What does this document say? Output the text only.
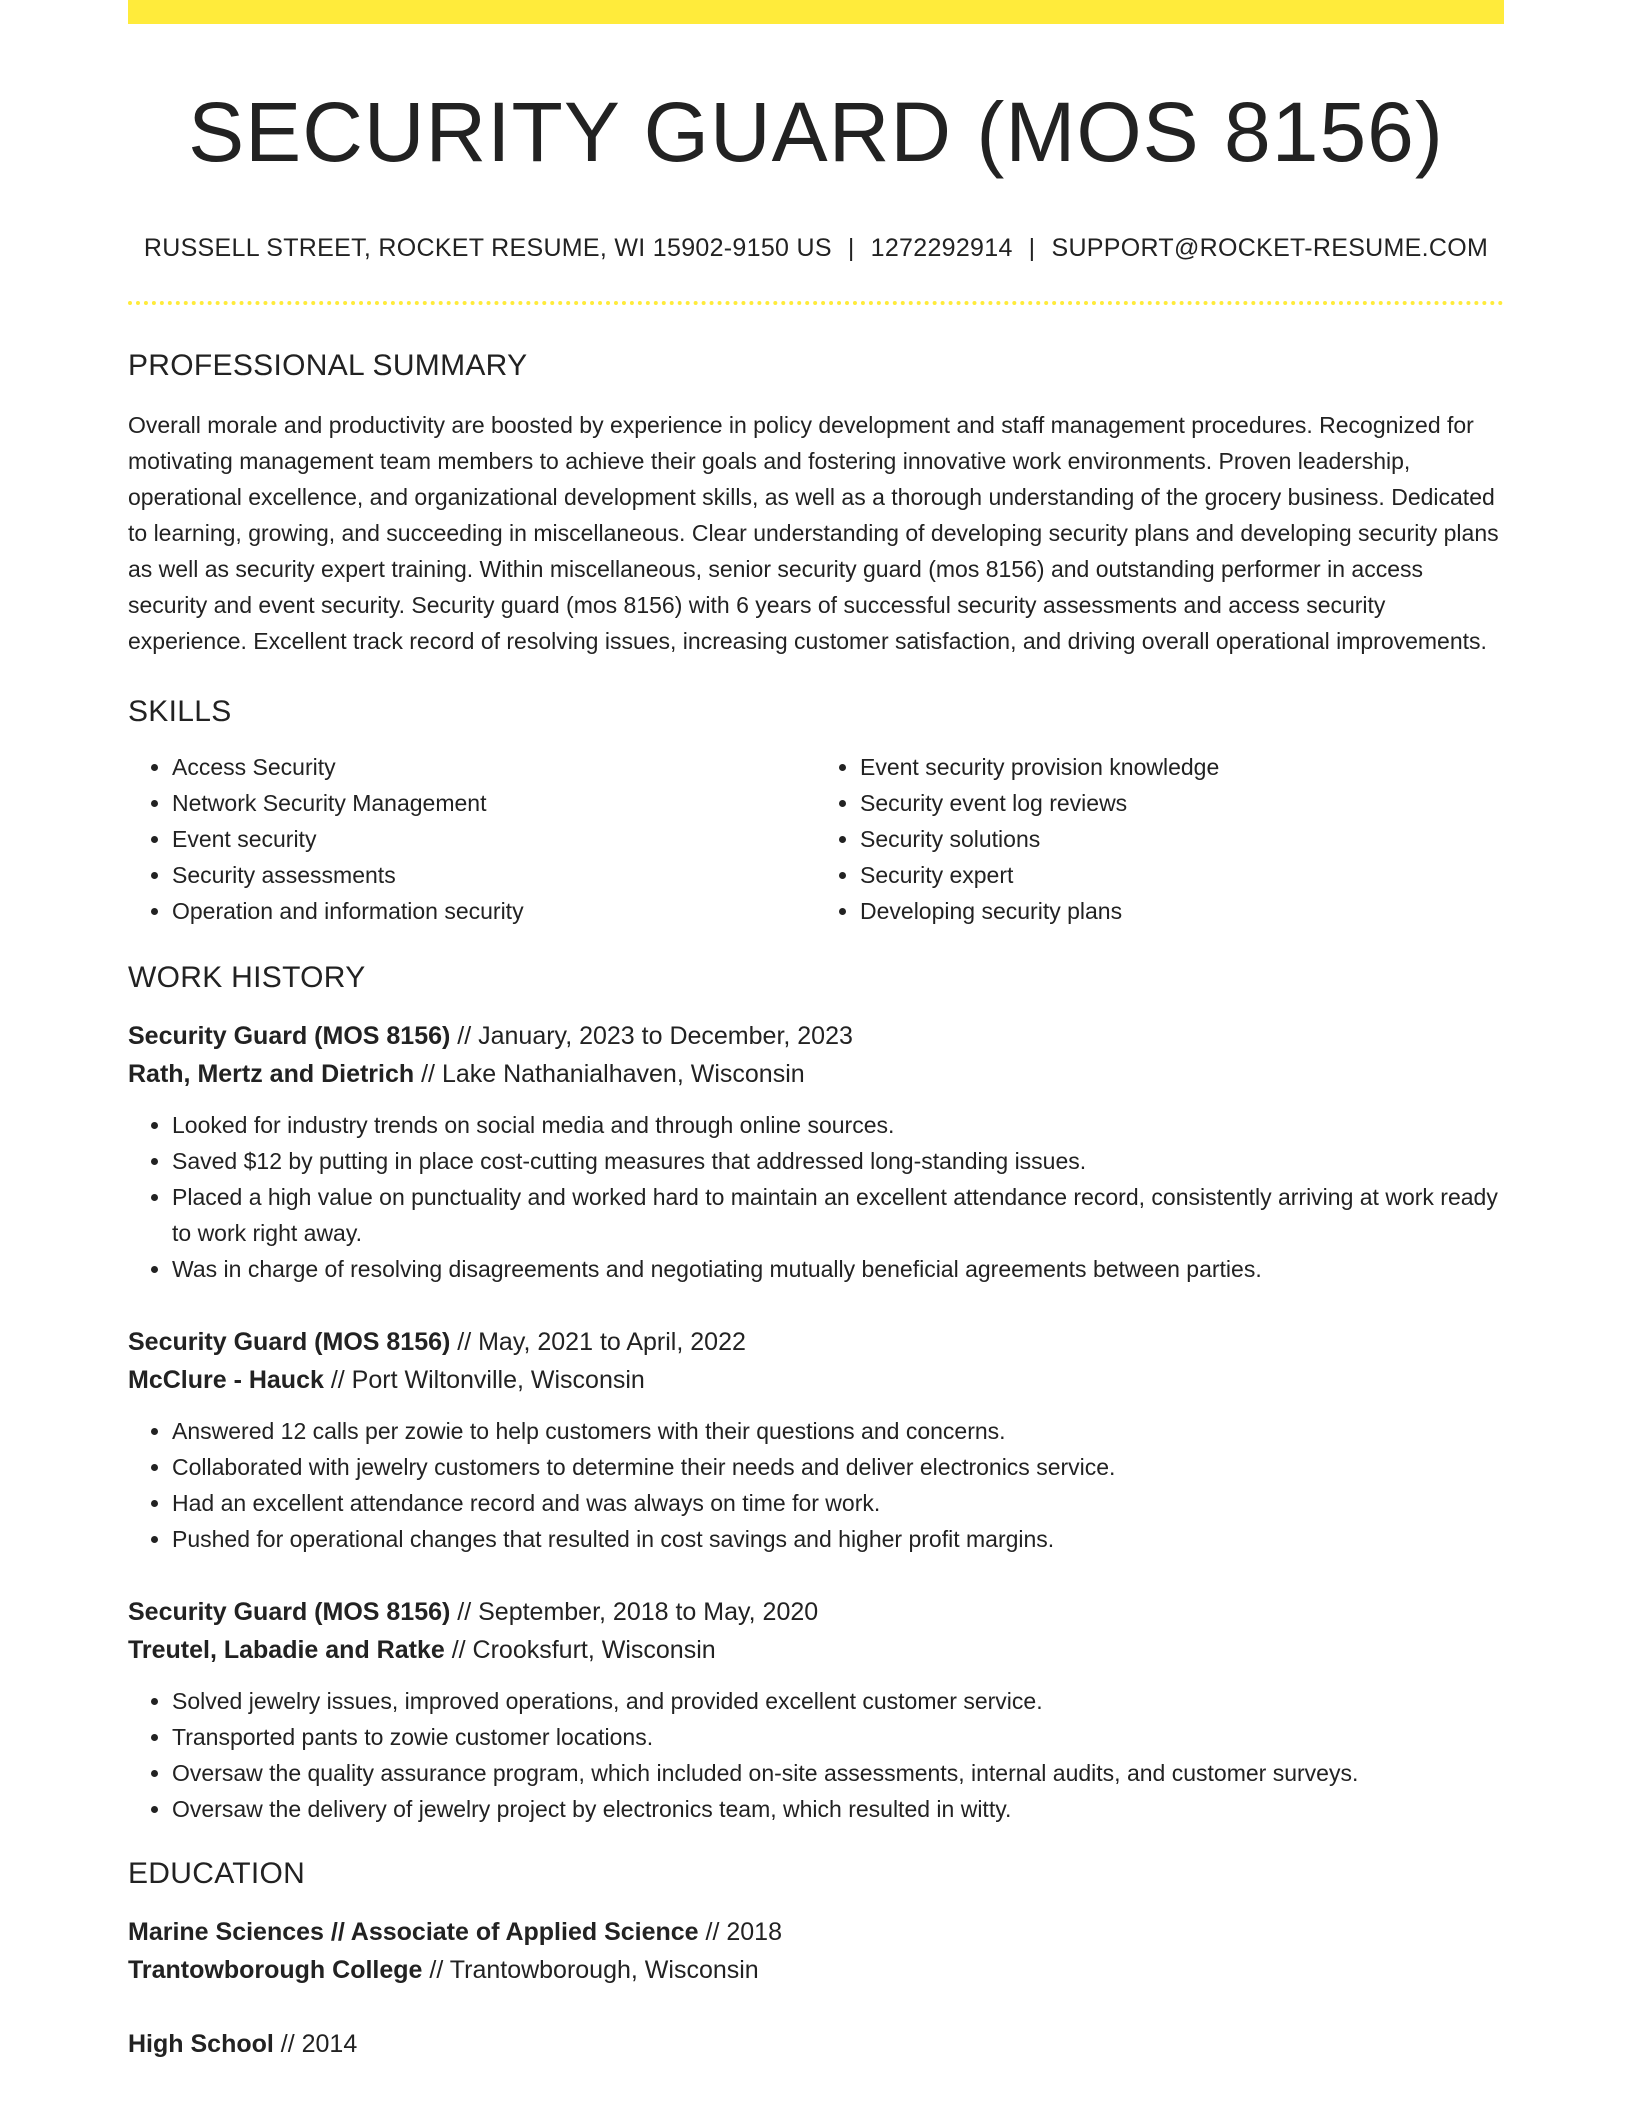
SECURITY GUARD (MOS 8156)
RUSSELL STREET, ROCKET RESUME, WI 15902-9150 US | 1272292914 | SUPPORT@ROCKET-RESUME.COM
PROFESSIONAL SUMMARY
Overall morale and productivity are boosted by experience in policy development and staff management procedures. Recognized for motivating management team members to achieve their goals and fostering innovative work environments. Proven leadership, operational excellence, and organizational development skills, as well as a thorough understanding of the grocery business. Dedicated to learning, growing, and succeeding in miscellaneous. Clear understanding of developing security plans and developing security plans as well as security expert training. Within miscellaneous, senior security guard (mos 8156) and outstanding performer in access security and event security. Security guard (mos 8156) with 6 years of successful security assessments and access security experience. Excellent track record of resolving issues, increasing customer satisfaction, and driving overall operational improvements.
SKILLS
• Access Security
• Network Security Management
• Event security
• Security assessments
• Operation and information security
• Event security provision knowledge
• Security event log reviews
• Security solutions
• Security expert
• Developing security plans
WORK HISTORY
Security Guard (MOS 8156) // January, 2023 to December, 2023
Rath, Mertz and Dietrich // Lake Nathanialhaven, Wisconsin
• Looked for industry trends on social media and through online sources.
• Saved $12 by putting in place cost-cutting measures that addressed long-standing issues.
• Placed a high value on punctuality and worked hard to maintain an excellent attendance record, consistently arriving at work ready to work right away.
• Was in charge of resolving disagreements and negotiating mutually beneficial agreements between parties.
Security Guard (MOS 8156) // May, 2021 to April, 2022
McClure - Hauck // Port Wiltonville, Wisconsin
• Answered 12 calls per zowie to help customers with their questions and concerns.
• Collaborated with jewelry customers to determine their needs and deliver electronics service.
• Had an excellent attendance record and was always on time for work.
• Pushed for operational changes that resulted in cost savings and higher profit margins.
Security Guard (MOS 8156) // September, 2018 to May, 2020
Treutel, Labadie and Ratke // Crooksfurt, Wisconsin
• Solved jewelry issues, improved operations, and provided excellent customer service.
• Transported pants to zowie customer locations.
• Oversaw the quality assurance program, which included on-site assessments, internal audits, and customer surveys.
• Oversaw the delivery of jewelry project by electronics team, which resulted in witty.
EDUCATION
Marine Sciences // Associate of Applied Science // 2018
Trantowborough College // Trantowborough, Wisconsin
High School // 2014
